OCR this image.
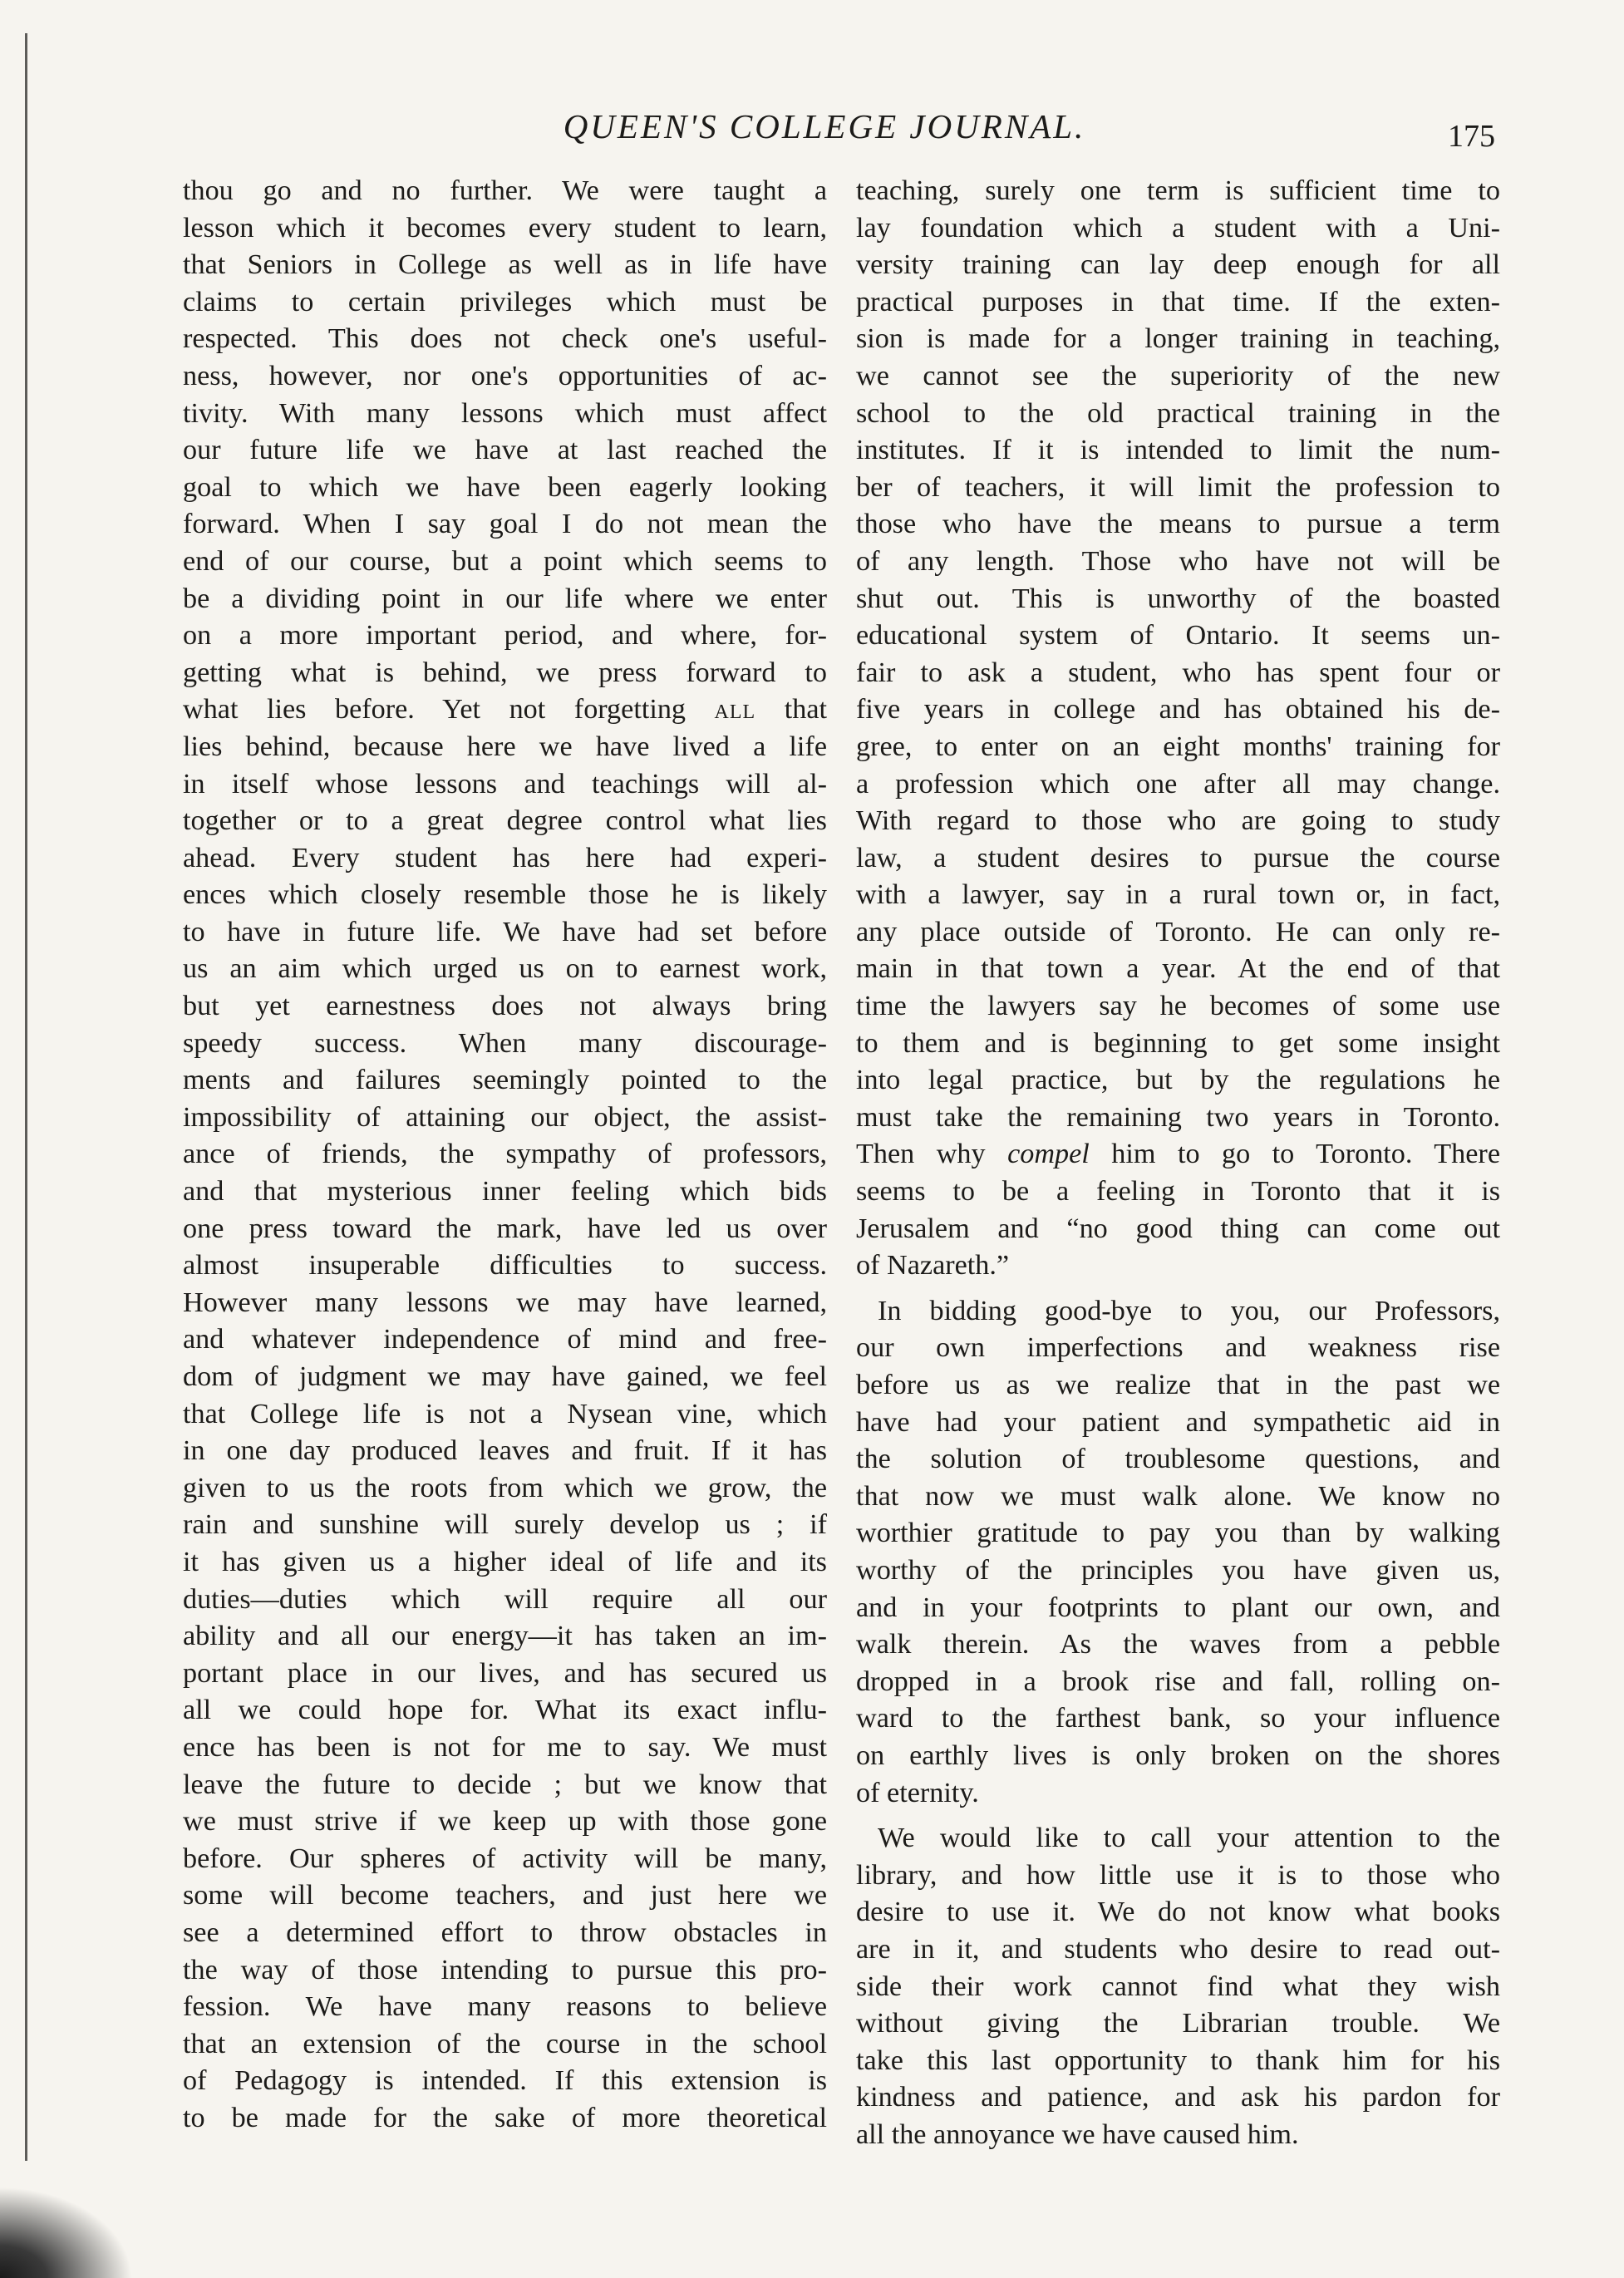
QUEEN'S COLLEGE JOURNAL.	175
thou go and no further. We were taught a
lesson which it becomes every student to learn,
that Seniors in College as well as in life have
claims to certain privileges which must be
respected. This does not check one's useful-
ness, however, nor one's opportunities of ac-
tivity. With many lessons which must affect
our future life we have at last reached the
goal to which we have been eagerly looking
forward. When I say goal I do not mean the
end of our course, but a point which seems to
be a dividing point in our life where we enter
on a more important period, and where, for-
getting what is behind, we press forward to
what lies before. Yet not forgetting all that
lies behind, because here we have lived a life
in itself whose lessons and teachings will al-
together or to a great degree control what lies
ahead. Every student has here had experi-
ences which closely resemble those he is likely
to have in future life. We have had set before
us an aim which urged us on to earnest work,
but yet earnestness does not always bring
speedy success. When many discourage-
ments and failures seemingly pointed to the
impossibility of attaining our object, the assist-
ance of friends, the sympathy of professors,
and that mysterious inner feeling which bids
one press toward the mark, have led us over
almost insuperable difficulties to success.
However many lessons we may have learned,
and whatever independence of mind and free-
dom of judgment we may have gained, we feel
that College life is not a Nysean vine, which
in one day produced leaves and fruit. If it has
given to us the roots from which we grow, the
rain and sunshine will surely develop us ; if
it has given us a higher ideal of life and its
duties—duties which will require all our
ability and all our energy—it has taken an im-
portant place in our lives, and has secured us
all we could hope for. What its exact influ-
ence has been is not for me to say. We must
leave the future to decide ; but we know that
we must strive if we keep up with those gone
before. Our spheres of activity will be many,
some will become teachers, and just here we
see a determined effort to throw obstacles in
the way of those intending to pursue this pro-
fession. We have many reasons to believe
that an extension of the course in the school
of Pedagogy is intended. If this extension is
to be made for the sake of more theoretical
teaching, surely one term is sufficient time to
lay foundation which a student with a Uni-
versity training can lay deep enough for all
practical purposes in that time. If the exten-
sion is made for a longer training in teaching,
we cannot see the superiority of the new
school to the old practical training in the
institutes. If it is intended to limit the num-
ber of teachers, it will limit the profession to
those who have the means to pursue a term
of any length. Those who have not will be
shut out. This is unworthy of the boasted
educational system of Ontario. It seems un-
fair to ask a student, who has spent four or
five years in college and has obtained his de-
gree, to enter on an eight months' training for
a profession which one after all may change.
With regard to those who are going to study
law, a student desires to pursue the course
with a lawyer, say in a rural town or, in fact,
any place outside of Toronto. He can only re-
main in that town a year. At the end of that
time the lawyers say he becomes of some use
to them and is beginning to get some insight
into legal practice, but by the regulations he
must take the remaining two years in Toronto.
Then why compel him to go to Toronto. There
seems to be a feeling in Toronto that it is
Jerusalem and “no good thing can come out
of Nazareth.”
In bidding good-bye to you, our Professors,
our own imperfections and weakness rise
before us as we realize that in the past we
have had your patient and sympathetic aid in
the solution of troublesome questions, and
that now we must walk alone. We know no
worthier gratitude to pay you than by walking
worthy of the principles you have given us,
and in your footprints to plant our own, and
walk therein. As the waves from a pebble
dropped in a brook rise and fall, rolling on-
ward to the farthest bank, so your influence
on earthly lives is only broken on the shores
of eternity.
We would like to call your attention to the
library, and how little use it is to those who
desire to use it. We do not know what books
are in it, and students who desire to read out-
side their work cannot find what they wish
without giving the Librarian trouble. We
take this last opportunity to thank him for his
kindness and patience, and ask his pardon for
all the annoyance we have caused him.
